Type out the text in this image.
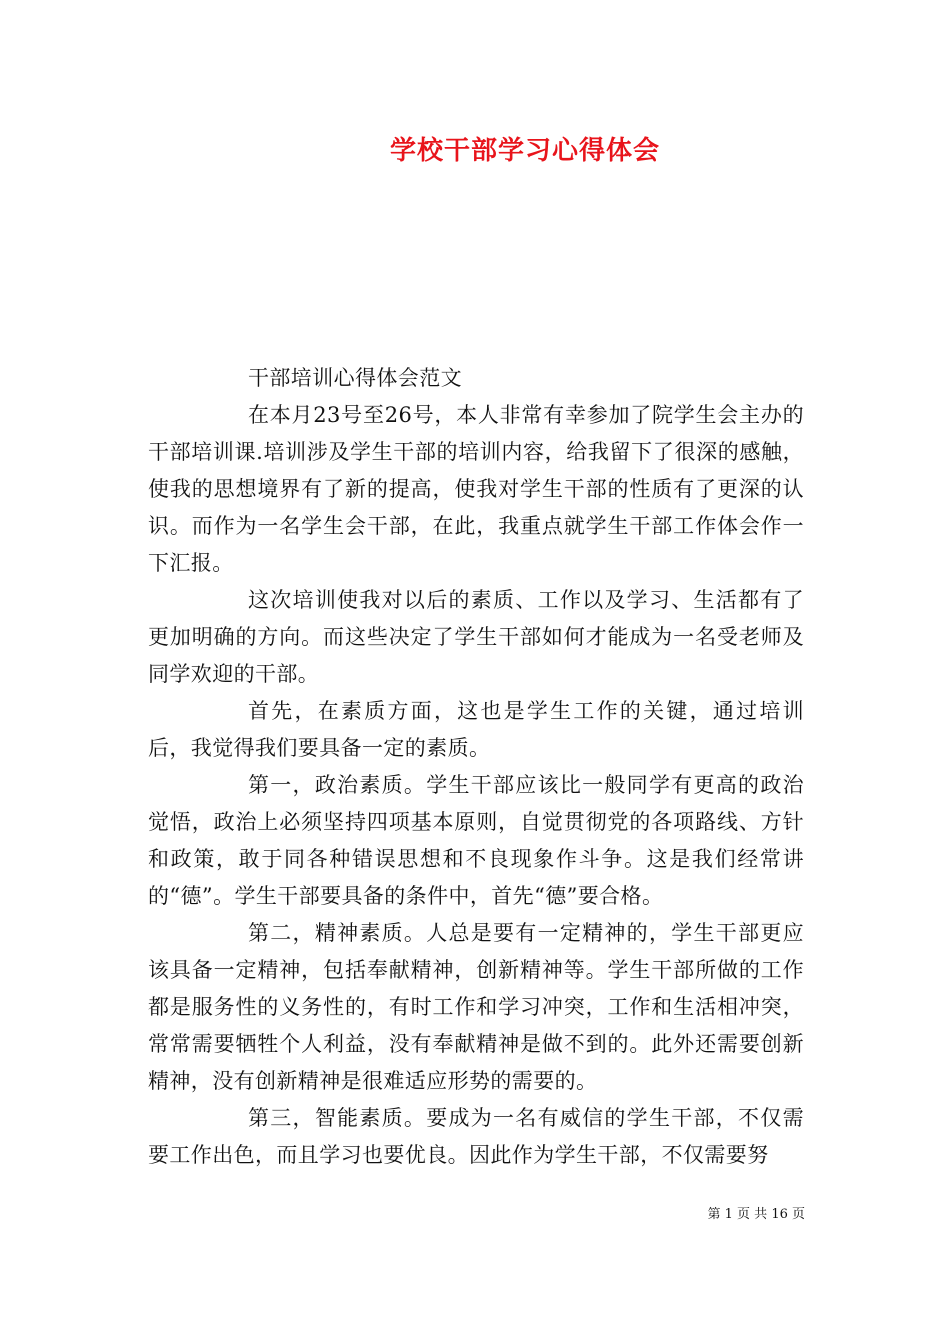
学校干部学习心得体会

干部培训心得体会范文

在本月23号至26号，本人非常有幸参加了院学生会主办的干部培训课.培训涉及学生干部的培训内容，给我留下了很深的感触，使我的思想境界有了新的提高，使我对学生干部的性质有了更深的认识。而作为一名学生会干部，在此，我重点就学生干部工作体会作一下汇报。

这次培训使我对以后的素质、工作以及学习、生活都有了更加明确的方向。而这些决定了学生干部如何才能成为一名受老师及同学欢迎的干部。

首先，在素质方面，这也是学生工作的关键，通过培训后，我觉得我们要具备一定的素质。

第一，政治素质。学生干部应该比一般同学有更高的政治觉悟，政治上必须坚持四项基本原则，自觉贯彻党的各项路线、方针和政策，敢于同各种错误思想和不良现象作斗争。这是我们经常讲的“德”。学生干部要具备的条件中，首先“德”要合格。

第二，精神素质。人总是要有一定精神的，学生干部更应该具备一定精神，包括奉献精神，创新精神等。学生干部所做的工作都是服务性的义务性的，有时工作和学习冲突，工作和生活相冲突，常常需要牺牲个人利益，没有奉献精神是做不到的。此外还需要创新精神，没有创新精神是很难适应形势的需要的。

第三，智能素质。要成为一名有威信的学生干部，不仅需要工作出色，而且学习也要优良。因此作为学生干部，不仅需要努

第 1 页 共 16 页
